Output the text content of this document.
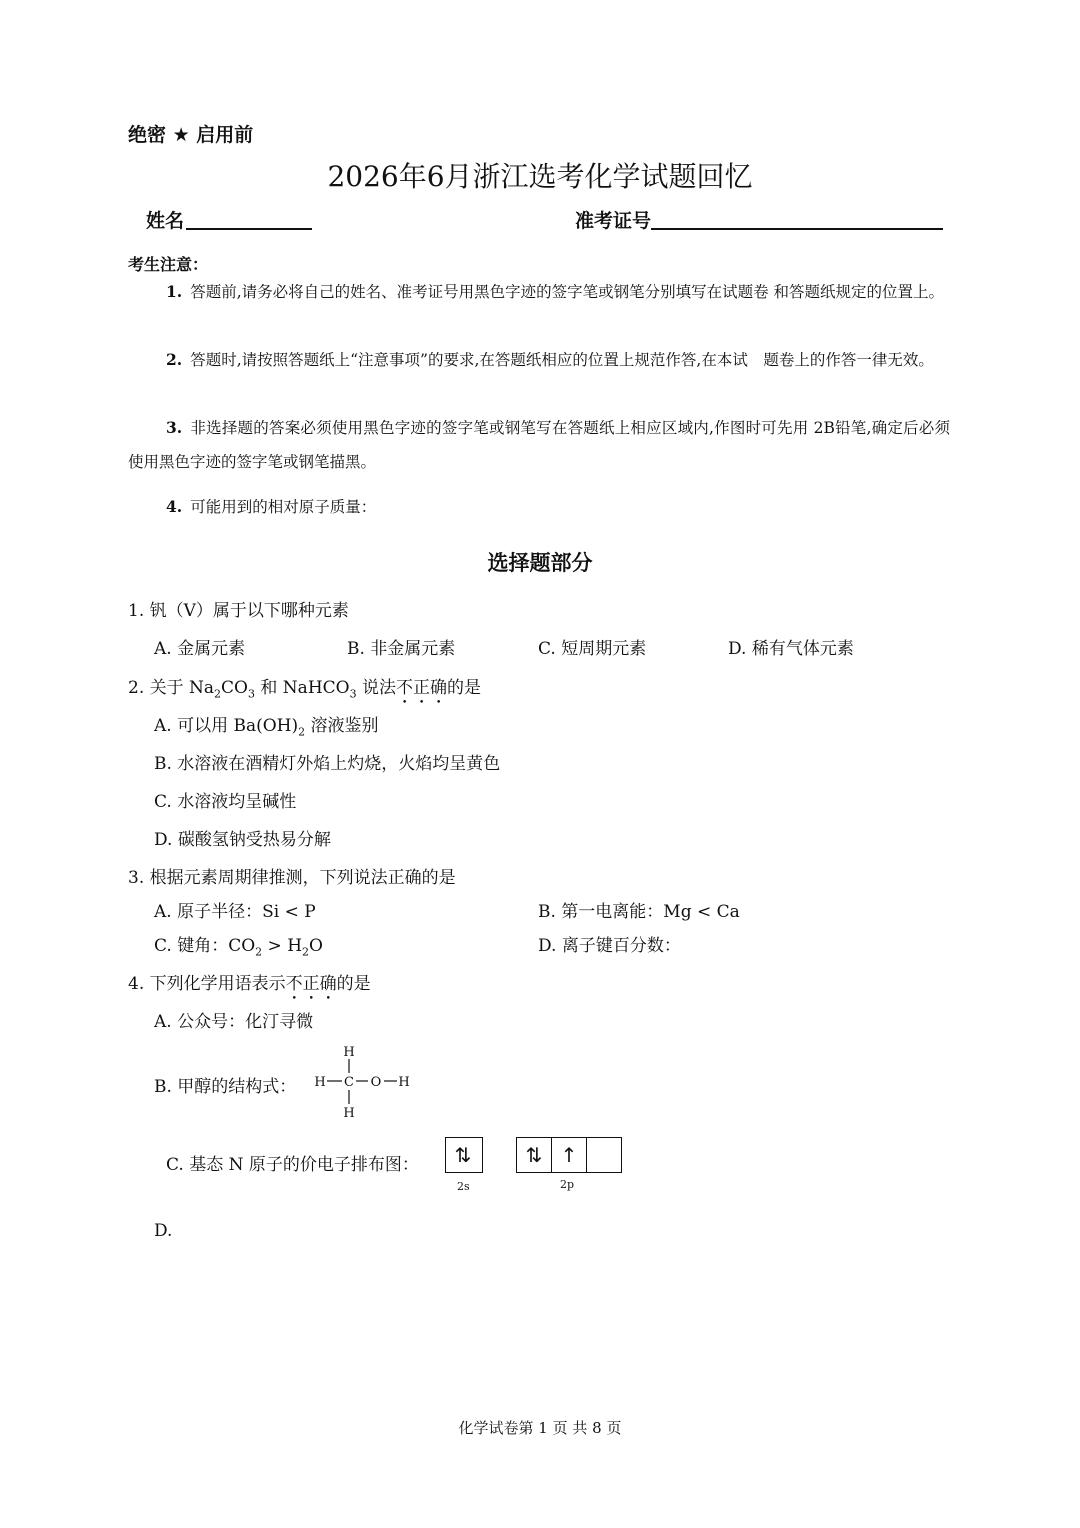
绝密 ★ 启用前
2026年6月浙江选考化学试题回忆
姓名	准考证号
考生注意：
1. 答题前,请务必将自己的姓名、准考证号用黑色字迹的签字笔或钢笔分别填写在试题卷 和答题纸规定的位置上。
2. 答题时,请按照答题纸上“注意事项”的要求,在答题纸相应的位置上规范作答,在本试　题卷上的作答一律无效。
3. 非选择题的答案必须使用黑色字迹的签字笔或钢笔写在答题纸上相应区域内,作图时可先用 2B铅笔,确定后必须使用黑色字迹的签字笔或钢笔描黑。
4. 可能用到的相对原子质量：
选择题部分
1. 钒（V）属于以下哪种元素
A. 金属元素	B. 非金属元素	C. 短周期元素	D. 稀有气体元素
2. 关于 $Na_2CO_3$ 和 NaHCO$_3$ 说法不正确的是
A. 可以用 $Ba(OH)_2$ 溶液鉴别
B. 水溶液在酒精灯外焰上灼烧，火焰均呈黄色
C. 水溶液均呈碱性
D. 碳酸氢钠受热易分解
3. 根据元素周期律推测，下列说法正确的是
A. 原子半径：Si < P	B. 第一电离能：Mg < Ca
C. 键角：$CO_2 > H_2O$	D. 离子键百分数：
4. 下列化学用语表示不正确的是
A. 公众号：化汀寻微
B. 甲醇的结构式：
H
H
H C O H
C. 基态 N 原子的价电子排布图：	⇅
2s
⇅ ↑
2p
D.
化学试卷第 1 页 共 8 页
